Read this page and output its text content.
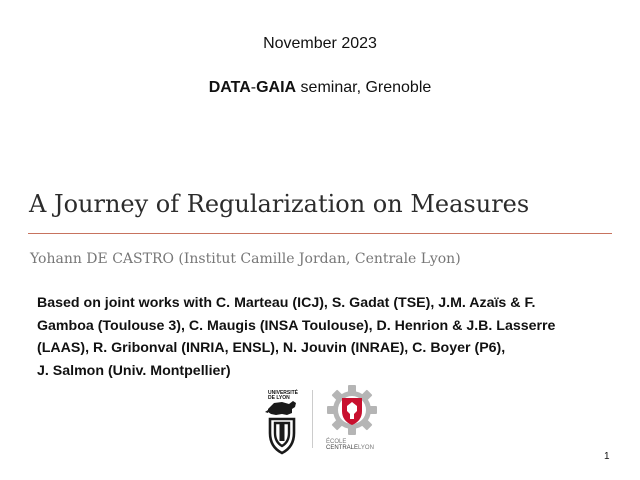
November 2023
DATA-GAIA seminar, Grenoble
A Journey of Regularization on Measures
Yohann DE CASTRO (Institut Camille Jordan, Centrale Lyon)
Based on joint works with C. Marteau (ICJ), S. Gadat (TSE), J.M. Azaïs & F.
Gamboa (Toulouse 3), C. Maugis (INSA Toulouse), D. Henrion & J.B. Lasserre
(LAAS), R. Gribonval (INRIA, ENSL), N. Jouvin (INRAE), C. Boyer (P6),
J. Salmon (Univ. Montpellier)
UNIVERSITÉ
DE LYON
ÉCOLE
CENTRALELYON
1
